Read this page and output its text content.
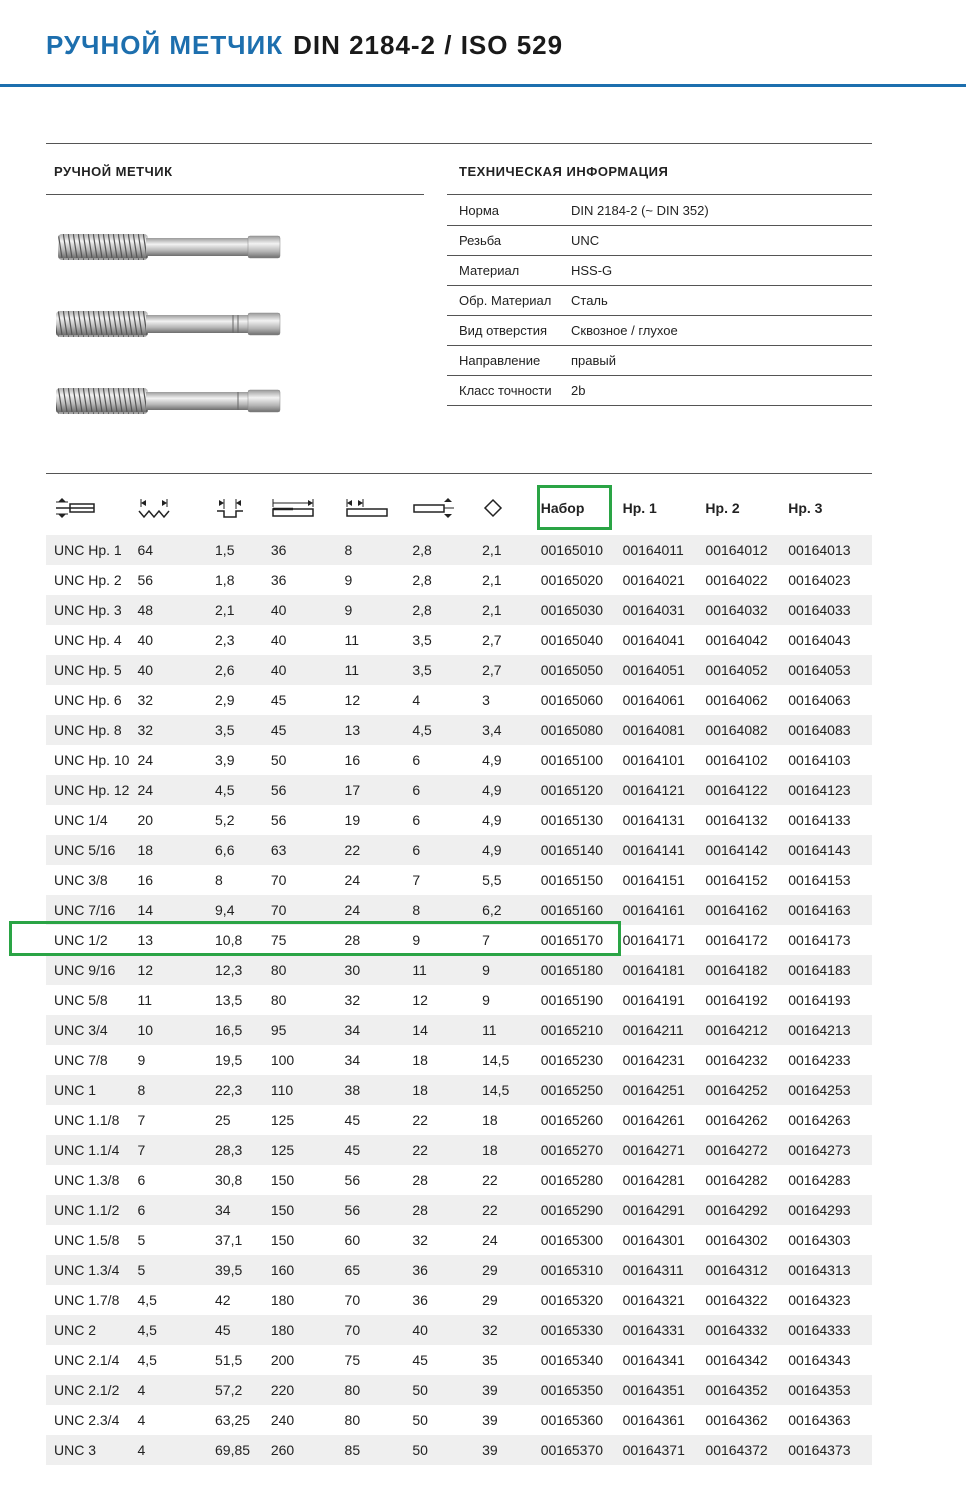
РУЧНОЙ МЕТЧИК DIN 2184-2 / ISO 529
РУЧНОЙ МЕТЧИК	ТЕХНИЧЕСКАЯ ИНФОРМАЦИЯ
Норма	DIN 2184-2 (~ DIN 352)
Резьба	UNC
Материал	HSS-G
Обр. Материал	Сталь
Вид отверстия	Сквозное / глухое
Направление	правый
Класс точности	2b

	Набор	Нр. 1	Нр. 2	Нр. 3
UNC Нр. 1	64	1,5	36	8	2,8	2,1	00165010	00164011	00164012	00164013
UNC Нр. 2	56	1,8	36	9	2,8	2,1	00165020	00164021	00164022	00164023
UNC Нр. 3	48	2,1	40	9	2,8	2,1	00165030	00164031	00164032	00164033
UNC Нр. 4	40	2,3	40	11	3,5	2,7	00165040	00164041	00164042	00164043
UNC Нр. 5	40	2,6	40	11	3,5	2,7	00165050	00164051	00164052	00164053
UNC Нр. 6	32	2,9	45	12	4	3	00165060	00164061	00164062	00164063
UNC Нр. 8	32	3,5	45	13	4,5	3,4	00165080	00164081	00164082	00164083
UNC Нр. 10	24	3,9	50	16	6	4,9	00165100	00164101	00164102	00164103
UNC Нр. 12	24	4,5	56	17	6	4,9	00165120	00164121	00164122	00164123
UNC 1/4	20	5,2	56	19	6	4,9	00165130	00164131	00164132	00164133
UNC 5/16	18	6,6	63	22	6	4,9	00165140	00164141	00164142	00164143
UNC 3/8	16	8	70	24	7	5,5	00165150	00164151	00164152	00164153
UNC 7/16	14	9,4	70	24	8	6,2	00165160	00164161	00164162	00164163
UNC 1/2	13	10,8	75	28	9	7	00165170	00164171	00164172	00164173
UNC 9/16	12	12,3	80	30	11	9	00165180	00164181	00164182	00164183
UNC 5/8	11	13,5	80	32	12	9	00165190	00164191	00164192	00164193
UNC 3/4	10	16,5	95	34	14	11	00165210	00164211	00164212	00164213
UNC 7/8	9	19,5	100	34	18	14,5	00165230	00164231	00164232	00164233
UNC 1	8	22,3	110	38	18	14,5	00165250	00164251	00164252	00164253
UNC 1.1/8	7	25	125	45	22	18	00165260	00164261	00164262	00164263
UNC 1.1/4	7	28,3	125	45	22	18	00165270	00164271	00164272	00164273
UNC 1.3/8	6	30,8	150	56	28	22	00165280	00164281	00164282	00164283
UNC 1.1/2	6	34	150	56	28	22	00165290	00164291	00164292	00164293
UNC 1.5/8	5	37,1	150	60	32	24	00165300	00164301	00164302	00164303
UNC 1.3/4	5	39,5	160	65	36	29	00165310	00164311	00164312	00164313
UNC 1.7/8	4,5	42	180	70	36	29	00165320	00164321	00164322	00164323
UNC 2	4,5	45	180	70	40	32	00165330	00164331	00164332	00164333
UNC 2.1/4	4,5	51,5	200	75	45	35	00165340	00164341	00164342	00164343
UNC 2.1/2	4	57,2	220	80	50	39	00165350	00164351	00164352	00164353
UNC 2.3/4	4	63,25	240	80	50	39	00165360	00164361	00164362	00164363
UNC 3	4	69,85	260	85	50	39	00165370	00164371	00164372	00164373
